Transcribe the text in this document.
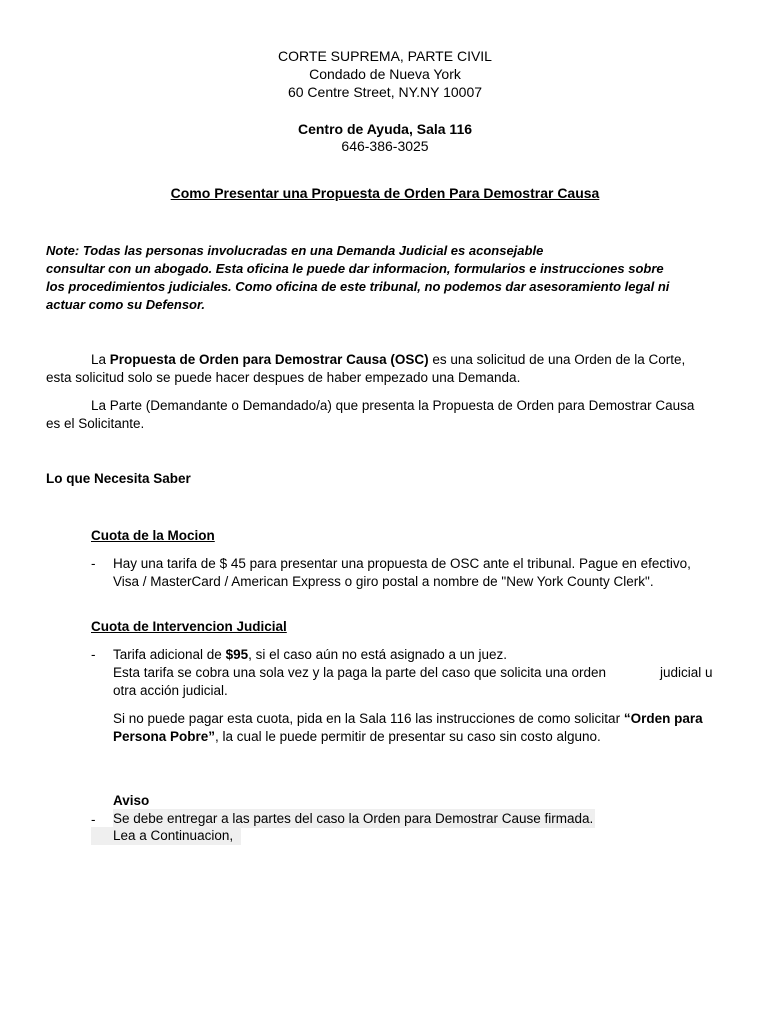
CORTE SUPREMA, PARTE CIVIL
Condado de Nueva York
60 Centre Street, NY.NY 10007
Centro de Ayuda, Sala 116
646-386-3025
Como Presentar una Propuesta de Orden Para Demostrar Causa
Note: Todas las personas involucradas en una Demanda Judicial es aconsejable
consultar con un abogado. Esta oficina le puede dar informacion, formularios e instrucciones sobre
los procedimientos judiciales. Como oficina de este tribunal, no podemos dar asesoramiento legal ni
actuar como su Defensor.
La Propuesta de Orden para Demostrar Causa (OSC) es una solicitud de una Orden de la Corte,
esta solicitud solo se puede hacer despues de haber empezado una Demanda.
La Parte (Demandante o Demandado/a) que presenta la Propuesta de Orden para Demostrar Causa
es el Solicitante.
Lo que Necesita Saber
Cuota de la Mocion
- Hay una tarifa de $ 45 para presentar una propuesta de OSC ante el tribunal. Pague en efectivo,
Visa / MasterCard / American Express o giro postal a nombre de "New York County Clerk".
Cuota de Intervencion Judicial
- Tarifa adicional de $95, si el caso aún no está asignado a un juez.
Esta tarifa se cobra una sola vez y la paga la parte del caso que solicita una orden	judicial u
otra acción judicial.
Si no puede pagar esta cuota, pida en la Sala 116 las instrucciones de como solicitar “Orden para
Persona Pobre”, la cual le puede permitir de presentar su caso sin costo alguno.
Aviso
- Se debe entregar a las partes del caso la Orden para Demostrar Cause firmada.
Lea a Continuacion,
